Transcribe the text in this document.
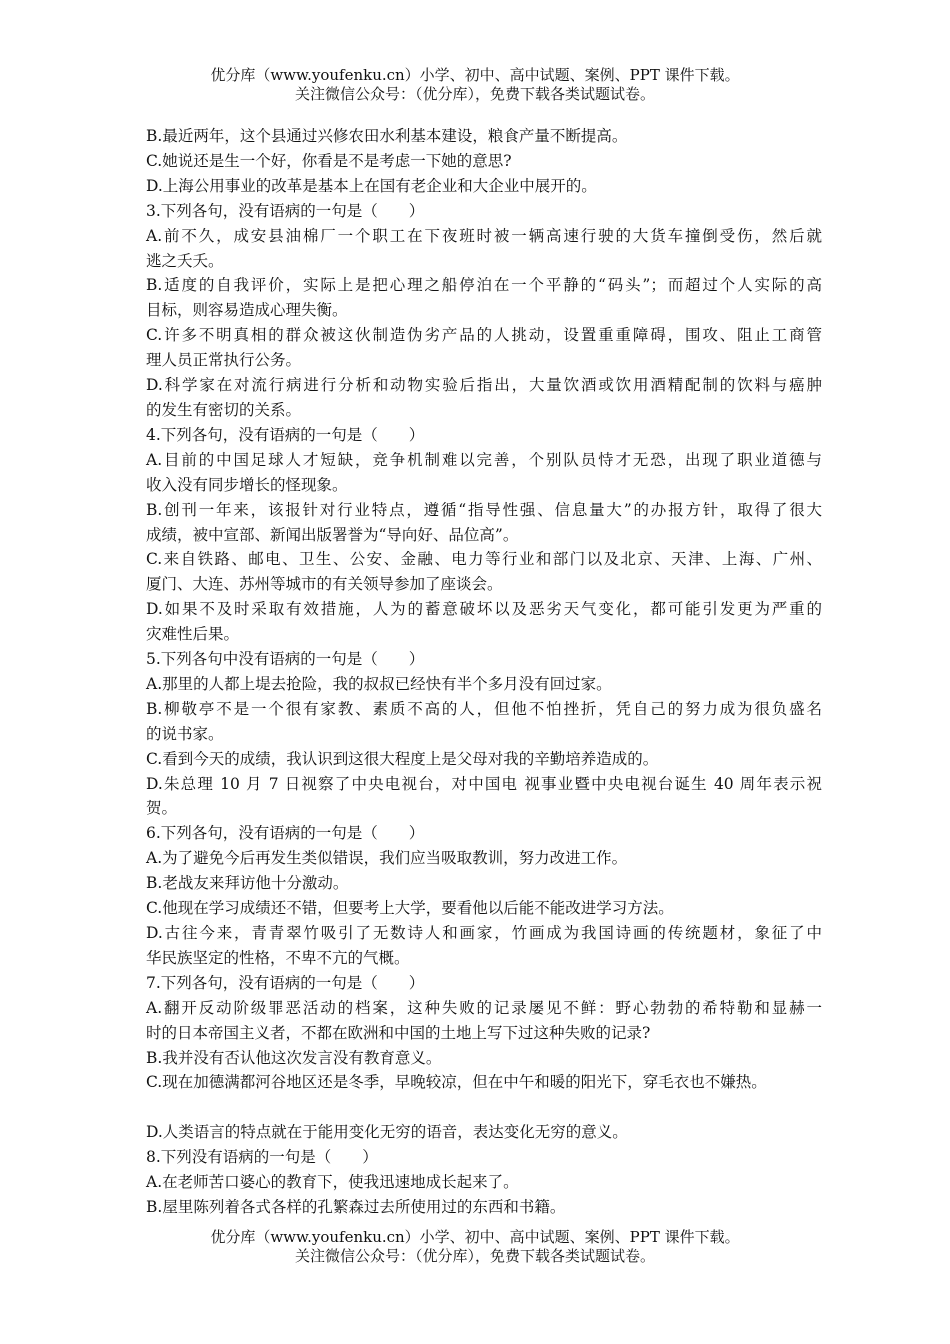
优分库（www.youfenku.cn）小学、初中、高中试题、案例、PPT 课件下载。
关注微信公众号：（优分库），免费下载各类试题试卷。
B.最近两年，这个县通过兴修农田水利基本建设，粮食产量不断提高。
C.她说还是生一个好，你看是不是考虑一下她的意思?
D.上海公用事业的改革是基本上在国有老企业和大企业中展开的。
3.下列各句，没有语病的一句是（　　）
A.前不久，成安县油棉厂一个职工在下夜班时被一辆高速行驶的大货车撞倒受伤，然后就
逃之夭夭。
B.适度的自我评价，实际上是把心理之船停泊在一个平静的“码头”；而超过个人实际的高
目标，则容易造成心理失衡。
C.许多不明真相的群众被这伙制造伪劣产品的人挑动，设置重重障碍，围攻、阻止工商管
理人员正常执行公务。
D.科学家在对流行病进行分析和动物实验后指出，大量饮酒或饮用酒精配制的饮料与癌肿
的发生有密切的关系。
4.下列各句，没有语病的一句是（　　）
A.目前的中国足球人才短缺，竞争机制难以完善，个别队员恃才无恐，出现了职业道德与
收入没有同步增长的怪现象。
B.创刊一年来，该报针对行业特点，遵循“指导性强、信息量大”的办报方针，取得了很大
成绩，被中宣部、新闻出版署誉为“导向好、品位高”。
C.来自铁路、邮电、卫生、公安、金融、电力等行业和部门以及北京、天津、上海、广州、
厦门、大连、苏州等城市的有关领导参加了座谈会。
D.如果不及时采取有效措施，人为的蓄意破坏以及恶劣天气变化，都可能引发更为严重的
灾难性后果。
5.下列各句中没有语病的一句是（　　）
A.那里的人都上堤去抢险，我的叔叔已经快有半个多月没有回过家。
B.柳敬亭不是一个很有家教、素质不高的人，但他不怕挫折，凭自己的努力成为很负盛名
的说书家。
C.看到今天的成绩，我认识到这很大程度上是父母对我的辛勤培养造成的。
D.朱总理 10 月 7 日视察了中央电视台，对中国电 视事业暨中央电视台诞生 40 周年表示祝
贺。
6.下列各句，没有语病的一句是（　　）
A.为了避免今后再发生类似错误，我们应当吸取教训，努力改进工作。
B.老战友来拜访他十分激动。
C.他现在学习成绩还不错，但要考上大学，要看他以后能不能改进学习方法。
D.古往今来，青青翠竹吸引了无数诗人和画家，竹画成为我国诗画的传统题材，象征了中
华民族坚定的性格，不卑不亢的气概。
7.下列各句，没有语病的一句是（　　）
A.翻开反动阶级罪恶活动的档案，这种失败的记录屡见不鲜：野心勃勃的希特勒和显赫一
时的日本帝国主义者，不都在欧洲和中国的土地上写下过这种失败的记录?
B.我并没有否认他这次发言没有教育意义。
C.现在加德满都河谷地区还是冬季，早晚较凉，但在中午和暖的阳光下，穿毛衣也不嫌热。
D.人类语言的特点就在于能用变化无穷的语音，表达变化无穷的意义。
8.下列没有语病的一句是（　　）
A.在老师苦口婆心的教育下，使我迅速地成长起来了。
B.屋里陈列着各式各样的孔繁森过去所使用过的东西和书籍。
优分库（www.youfenku.cn）小学、初中、高中试题、案例、PPT 课件下载。
关注微信公众号：（优分库），免费下载各类试题试卷。
